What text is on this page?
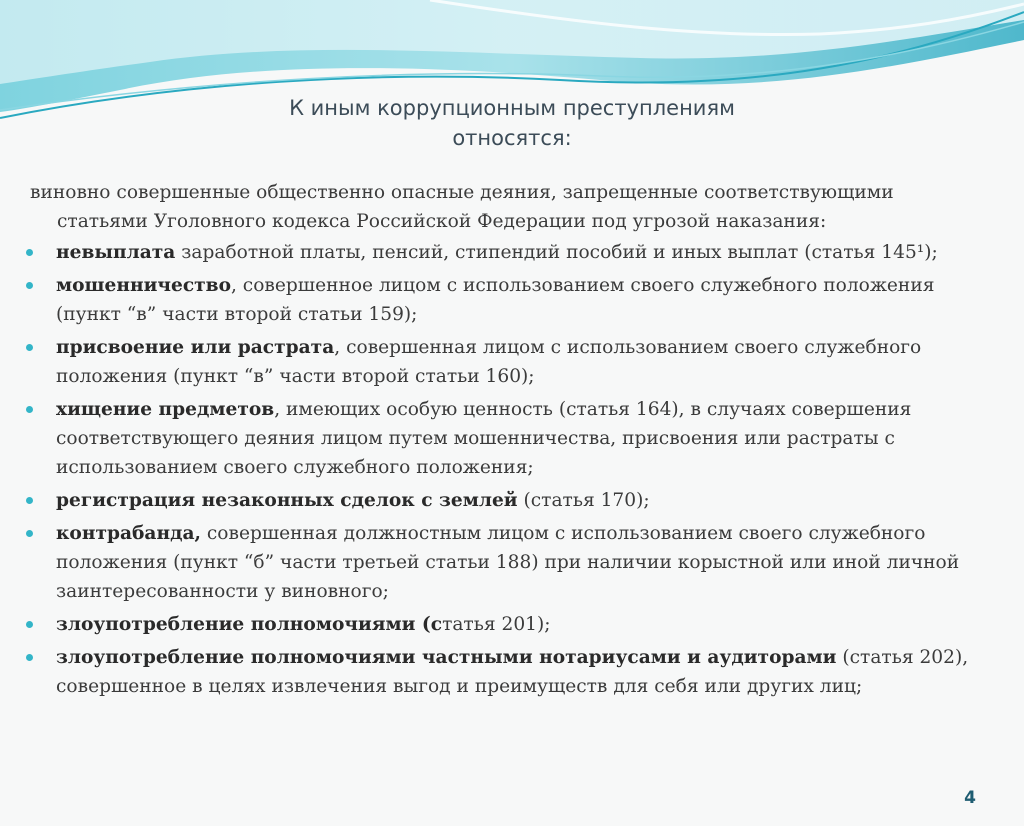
К иным коррупционным преступлениям
относятся:
виновно совершенные общественно опасные деяния, запрещенные соответствующими
статьями Уголовного кодекса Российской Федерации под угрозой наказания:
невыплата заработной платы, пенсий, стипендий пособий и иных выплат (статья 145¹);
мошенничество, совершенное лицом с использованием своего служебного положения (пункт “в” части второй статьи 159);
присвоение или растрата, совершенная лицом с использованием своего служебного положения (пункт “в” части второй статьи 160);
хищение предметов, имеющих особую ценность (статья 164), в случаях совершения соответствующего деяния лицом путем мошенничества, присвоения или растраты с использованием своего служебного положения;
регистрация незаконных сделок с землей (статья 170);
контрабанда, совершенная должностным лицом с использованием своего служебного положения (пункт “б” части третьей статьи 188) при наличии корыстной или иной личной заинтересованности у виновного;
злоупотребление полномочиями (статья 201);
злоупотребление полномочиями частными нотариусами и аудиторами (статья 202), совершенное в целях извлечения выгод и преимуществ для себя или других лиц;
4
